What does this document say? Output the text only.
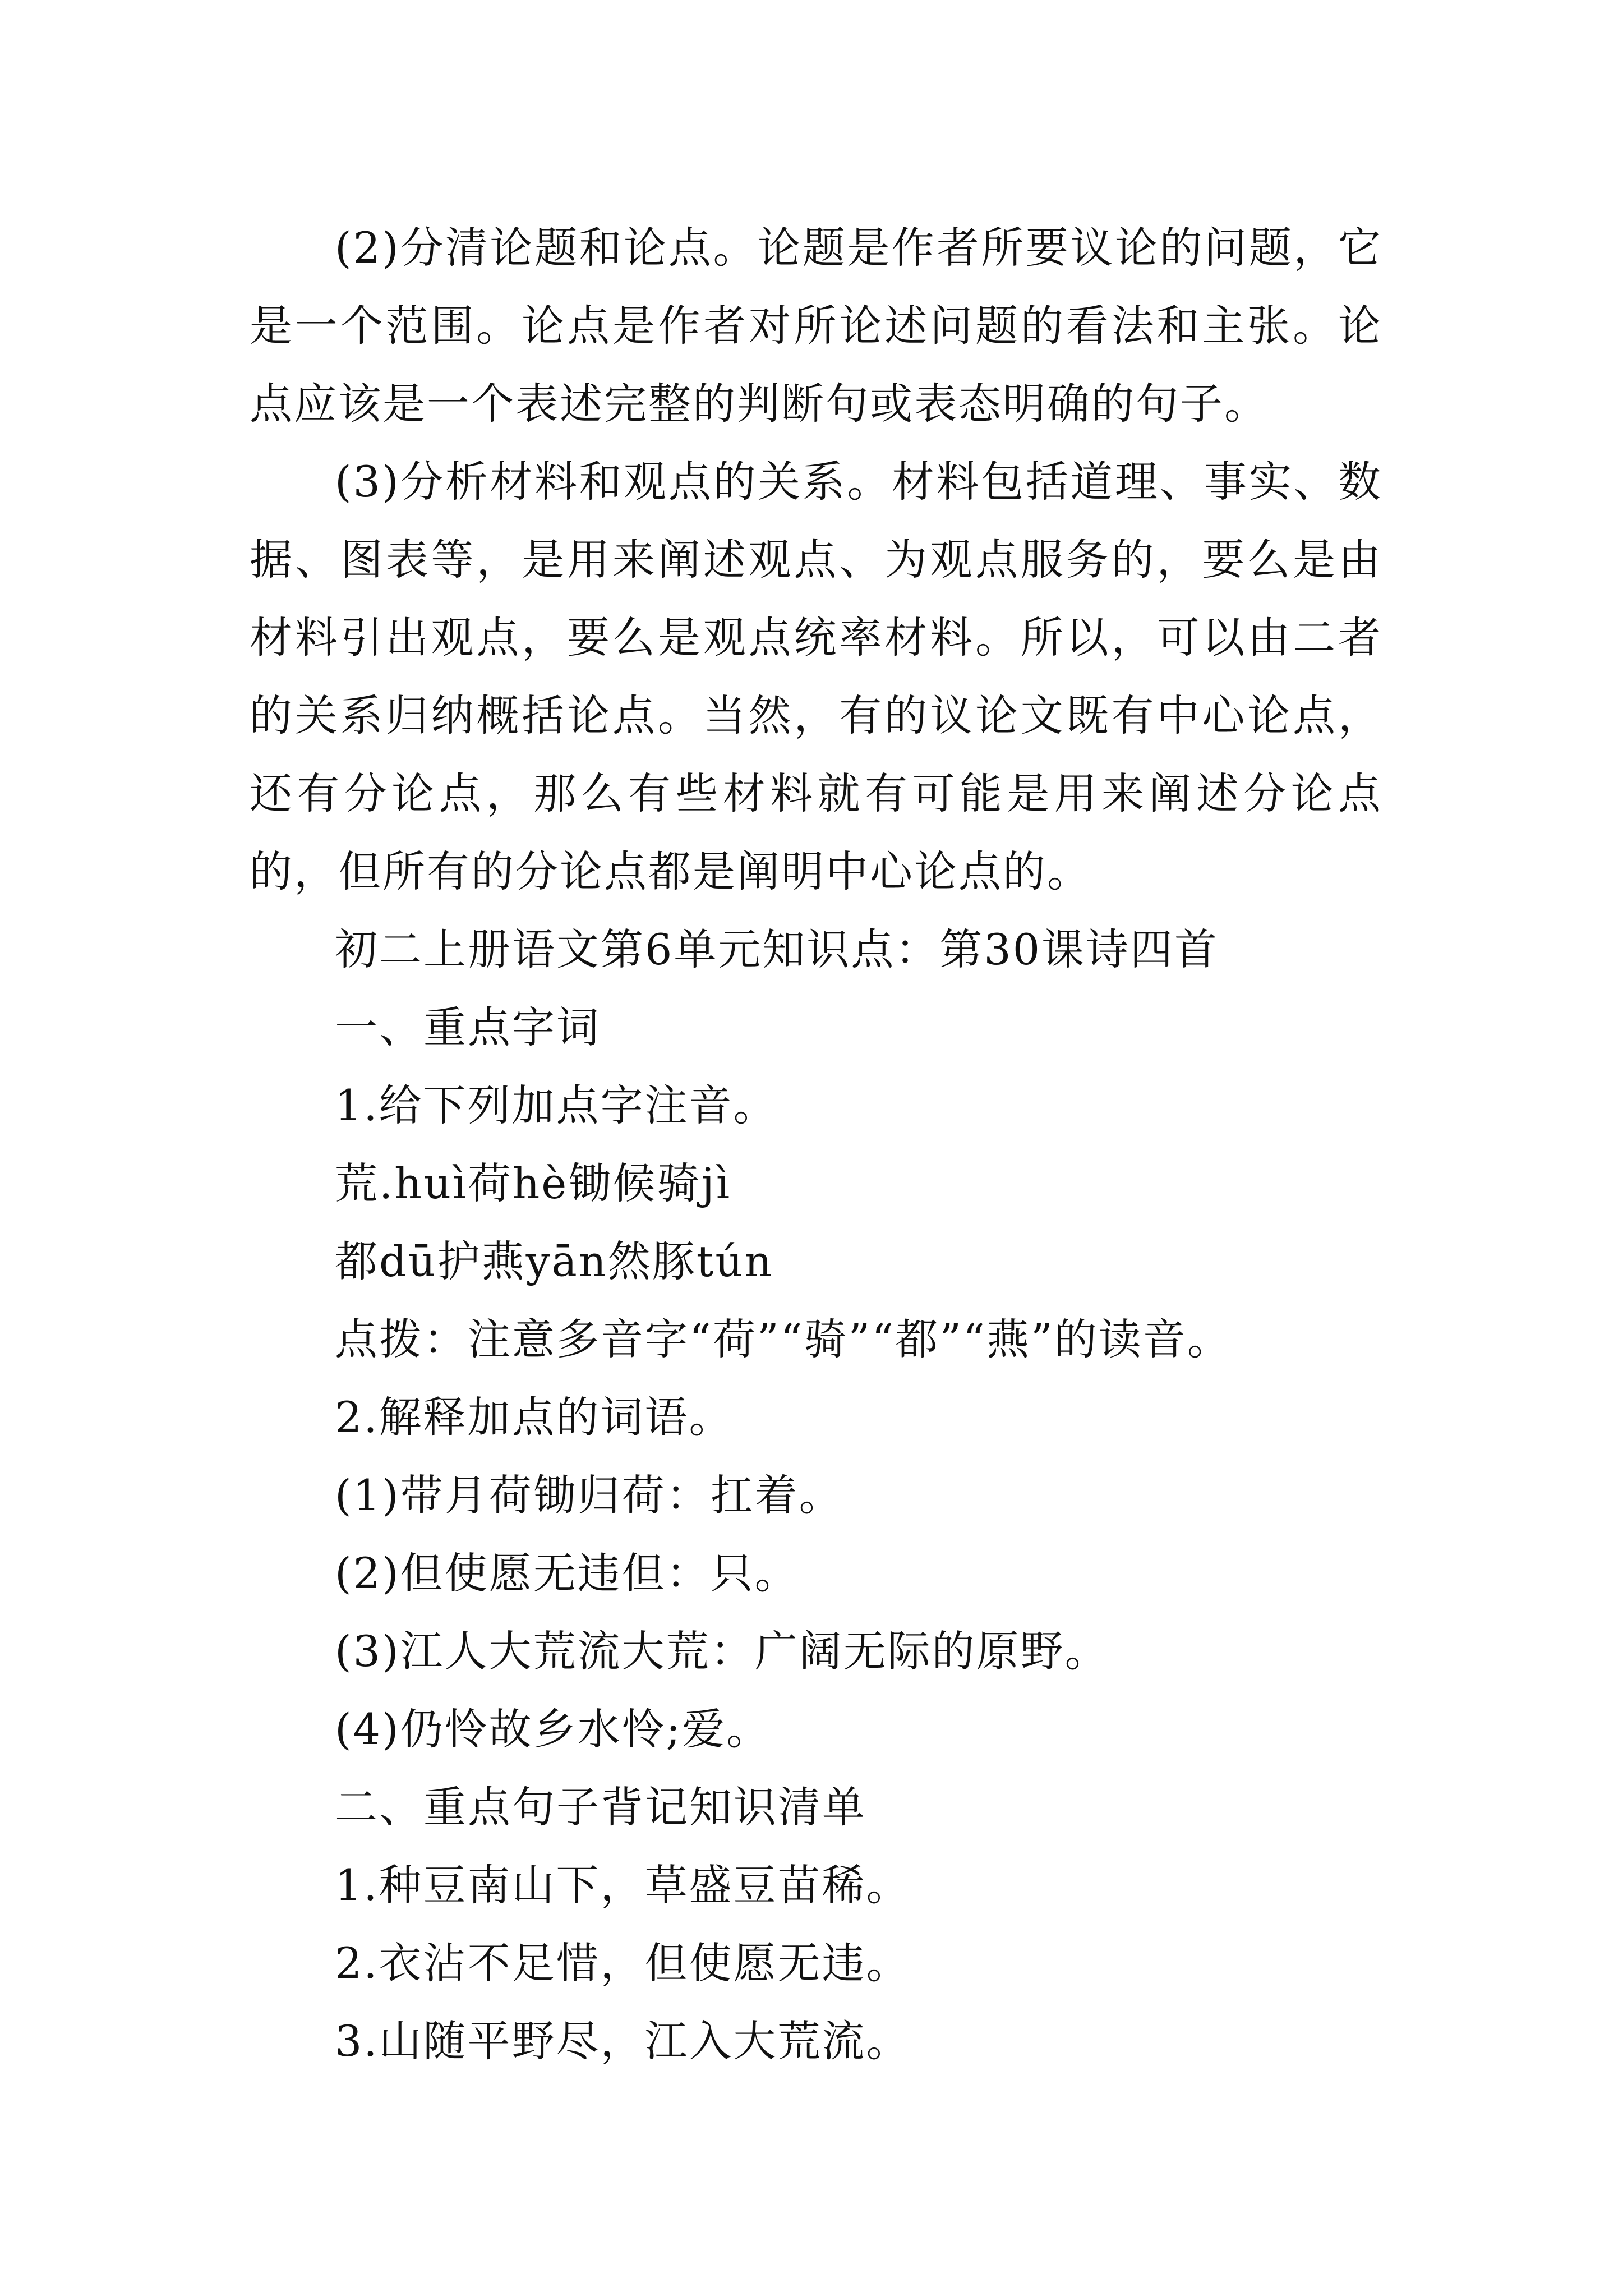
(2)分清论题和论点。论题是作者所要议论的问题，它是一个范围。论点是作者对所论述问题的看法和主张。论点应该是一个表述完整的判断句或表态明确的句子。

(3)分析材料和观点的关系。材料包括道理、事实、数据、图表等，是用来阐述观点、为观点服务的，要么是由材料引出观点，要么是观点统率材料。所以，可以由二者的关系归纳概括论点。当然，有的议论文既有中心论点，还有分论点，那么有些材料就有可能是用来阐述分论点的，但所有的分论点都是阐明中心论点的。

初二上册语文第6单元知识点：第30课诗四首

一、重点字词

1.给下列加点字注音。

荒.huì荷hè锄候骑jì

都dū护燕yān然豚tún

点拨：注意多音字“荷”“骑”“都”“燕”的读音。

2.解释加点的词语。

(1)带月荷锄归荷：扛着。

(2)但使愿无违但：只。

(3)江人大荒流大荒：广阔无际的原野。

(4)仍怜故乡水怜;爱。

二、重点句子背记知识清单

1.种豆南山下，草盛豆苗稀。

2.衣沾不足惜，但使愿无违。

3.山随平野尽，江入大荒流。
